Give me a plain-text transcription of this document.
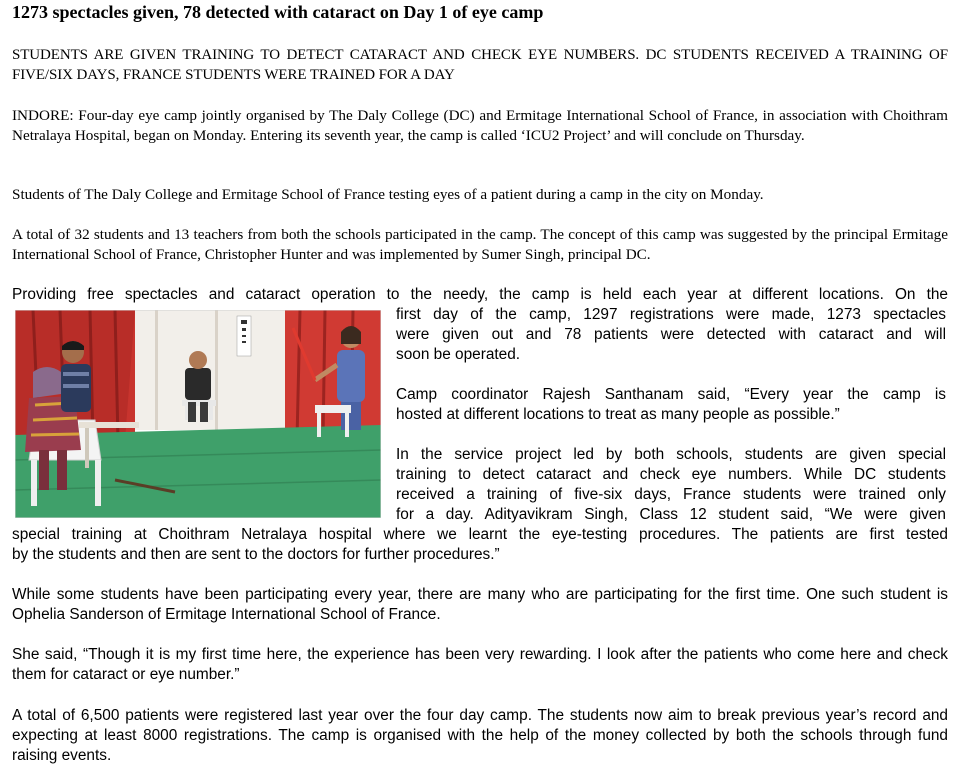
1273 spectacles given, 78 detected with cataract on Day 1 of eye camp

STUDENTS ARE GIVEN TRAINING TO DETECT CATARACT AND CHECK EYE NUMBERS. DC STUDENTS RECEIVED A TRAINING OF FIVE/SIX DAYS, FRANCE STUDENTS WERE TRAINED FOR A DAY

INDORE: Four-day eye camp jointly organised by The Daly College (DC) and Ermitage International School of France, in association with Choithram Netralaya Hospital, began on Monday. Entering its seventh year, the camp is called ‘ICU2 Project’ and will conclude on Thursday.

Students of The Daly College and Ermitage School of France testing eyes of a patient during a camp in the city on Monday.

A total of 32 students and 13 teachers from both the schools participated in the camp. The concept of this camp was suggested by the principal Ermitage International School of France, Christopher Hunter and was implemented by Sumer Singh, principal DC.

Providing free spectacles and cataract operation to the needy, the camp is held each year at different locations. On the
first day of the camp, 1297 registrations were made, 1273 spectacles
were given out and 78 patients were detected with cataract and will
soon be operated.
Camp coordinator Rajesh Santhanam said, “Every year the camp is
hosted at different locations to treat as many people as possible.”
In the service project led by both schools, students are given special
training to detect cataract and check eye numbers. While DC students
received a training of five-six days, France students were trained only
for a day. Adityavikram Singh, Class 12 student said, “We were given
special training at Choithram Netralaya hospital where we learnt the eye-testing procedures. The patients are first tested
by the students and then are sent to the doctors for further procedures.”

While some students have been participating every year, there are many who are participating for the first time. One such student is Ophelia Sanderson of Ermitage International School of France.

She said, “Though it is my first time here, the experience has been very rewarding. I look after the patients who come here and check them for cataract or eye number.”

A total of 6,500 patients were registered last year over the four day camp. The students now aim to break previous year’s record and expecting at least 8000 registrations. The camp is organised with the help of the money collected by both the schools through fund raising events.
